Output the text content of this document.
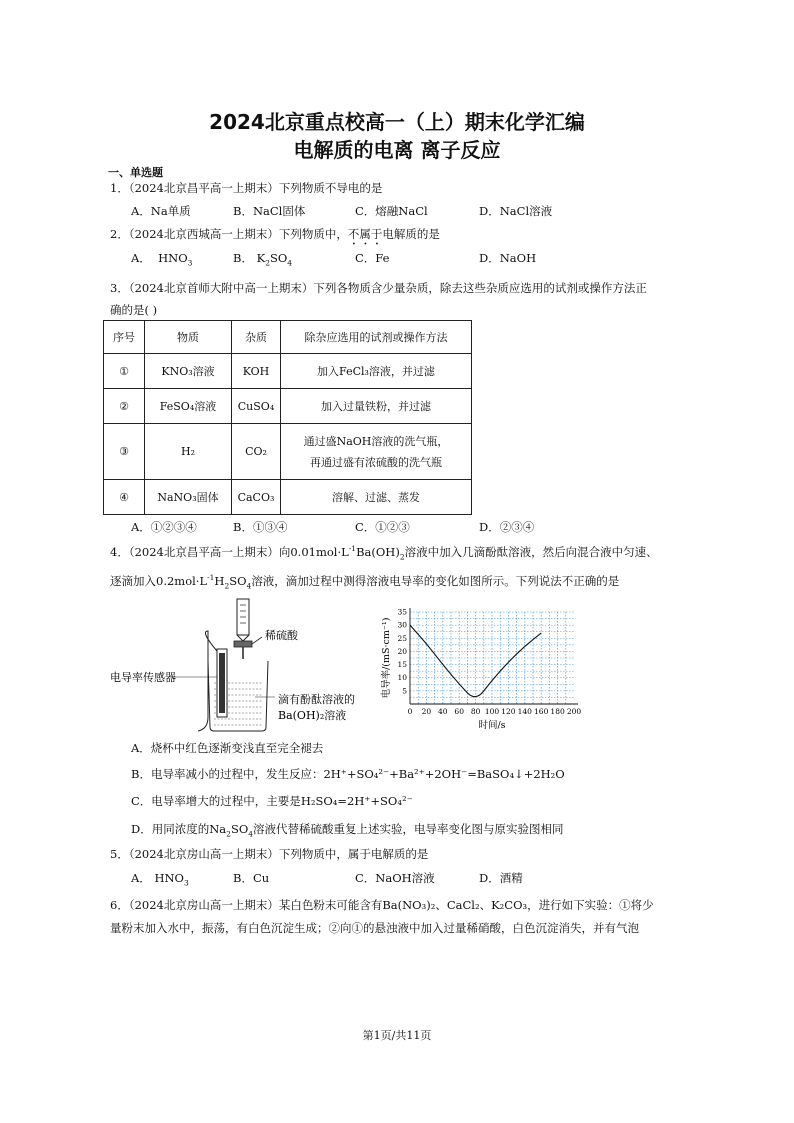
2024北京重点校高一（上）期末化学汇编
电解质的电离 离子反应
一、单选题
1．（2024北京昌平高一上期末）下列物质不导电的是
A．Na单质	B．NaCl固体	C．熔融NaCl	D．NaCl溶液
2．（2024北京西城高一上期末）下列物质中，不属于电解质的是
A． $HNO_3$	B． $K_2SO_4$	C．Fe	D．NaOH
3．（2024北京首师大附中高一上期末）下列各物质含少量杂质，除去这些杂质应选用的试剂或操作方法正
确的是( )
序号	物质	杂质	除杂应选用的试剂或操作方法
①	KNO₃溶液	KOH	加入FeCl₃溶液，并过滤
②	FeSO₄溶液	CuSO₄	加入过量铁粉，并过滤
③	H₂	CO₂	通过盛NaOH溶液的洗气瓶，
再通过盛有浓硫酸的洗气瓶

④	NaNO₃固体	CaCO₃	溶解、过滤、蒸发
A．①②③④	B．①③④	C．①②③	D．②③④
4．（2024北京昌平高一上期末）向$0.01mol\cdot L^{-1}Ba(OH)_2$溶液中加入几滴酚酞溶液，然后向混合液中匀速、
逐滴加入$0.2mol\cdot L^{-1}H_2SO_4$溶液，滴加过程中测得溶液电导率的变化如图所示。下列说法不正确的是
稀硫酸
电导率传感器
滴有酚酞溶液的
Ba(OH)₂溶液	0 20 40 60 80 100 120 140 160 180 200
5
10
15
20
25
30
35
时间/s
电导率/(mS·cm⁻¹)
A．烧杯中红色逐渐变浅直至完全褪去
B．电导率减小的过程中，发生反应：2H⁺+SO₄²⁻+Ba²⁺+2OH⁻=BaSO₄↓+2H₂O
C．电导率增大的过程中，主要是H₂SO₄=2H⁺+SO₄²⁻
D．用同浓度的$Na_2SO_4$溶液代替稀硫酸重复上述实验，电导率变化图与原实验图相同
5．（2024北京房山高一上期末）下列物质中，属于电解质的是
A． $HNO_3$	B．Cu	C．NaOH溶液	D．酒精
6．（2024北京房山高一上期末）某白色粉末可能含有Ba(NO₃)₂、CaCl₂、K₂CO₃，进行如下实验：①将少
量粉末加入水中，振荡，有白色沉淀生成；②向①的悬浊液中加入过量稀硝酸，白色沉淀消失，并有气泡
第1页/共11页
